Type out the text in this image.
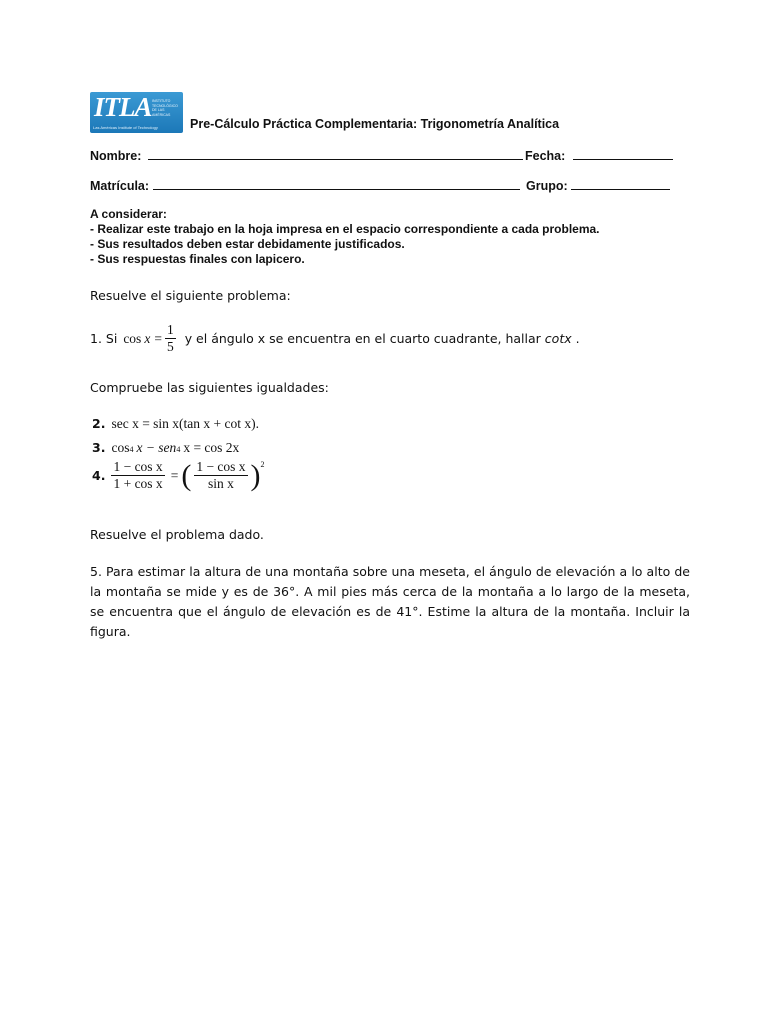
ITLA INSTITUTO TECNOLÓGICO DE LAS AMÉRICAS
Las Américas Institute of Technology	Pre-Cálculo Práctica Complementaria: Trigonometría Analítica
Nombre:	Fecha:
Matrícula:	Grupo:
A considerar:
- Realizar este trabajo en la hoja impresa en el espacio correspondiente a cada problema.
- Sus resultados deben estar debidamente justificados.
- Sus respuestas finales con lapicero.
Resuelve el siguiente problema:
1. Si $\cos x = \frac{1}{5}$ y el ángulo x se encuentra en el cuarto cuadrante, hallar cotx .
Compruebe las siguientes igualdades:
2. sec x = sin x(tan x + cot x).
3. cos 4 x − sen 4 x = cos 2x
4. $\frac{\text{1 − cos x}}{\text{1 + cos x}}$ = ( $\frac{\text{1 − cos x}}{\text{sin x}}$ ) 2
Resuelve el problema dado.
5. Para estimar la altura de una montaña sobre una meseta, el ángulo de elevación a lo alto de la montaña se mide y es de 36°. A mil pies más cerca de la montaña a lo largo de la meseta, se encuentra que el ángulo de elevación es de 41°. Estime la altura de la montaña. Incluir la figura.
